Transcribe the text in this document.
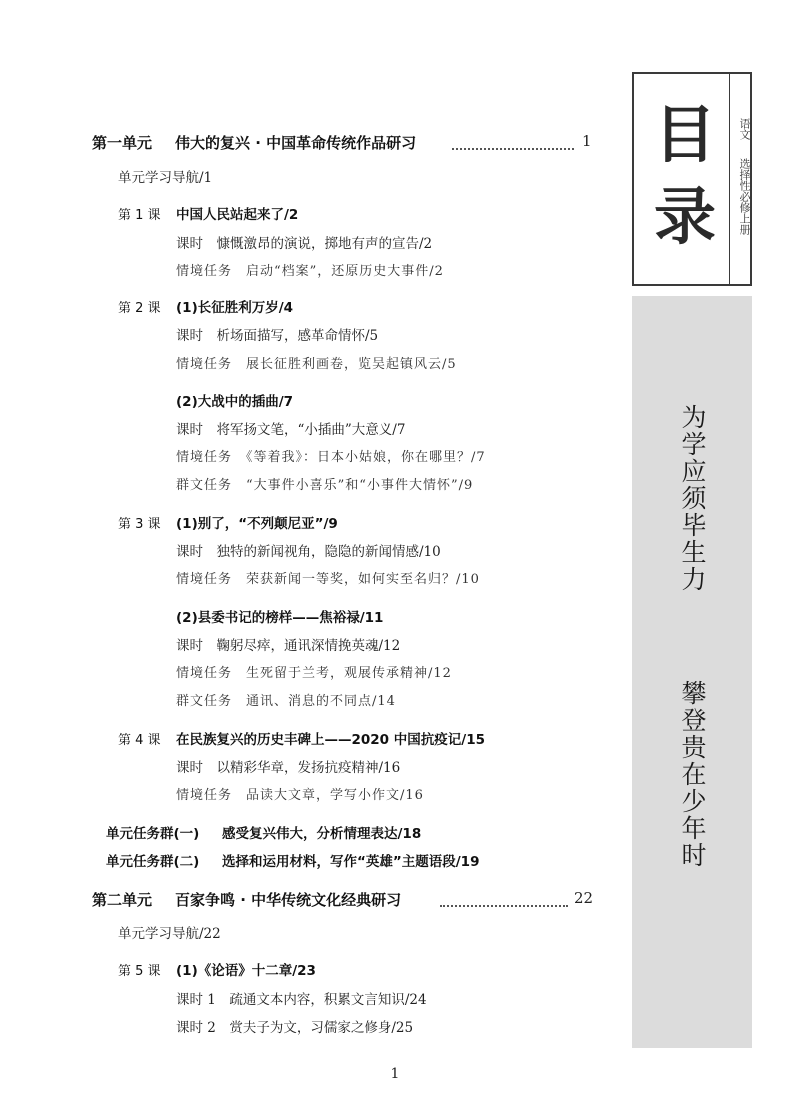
第一单元 伟大的复兴 · 中国革命传统作品研习	1
单元学习导航/1
第 1 课 中国人民站起来了/2
课时　慷慨激昂的演说，掷地有声的宣告/2
情境任务　启动“档案”，还原历史大事件/2
第 2 课 (1)长征胜利万岁/4
课时　析场面描写，感革命情怀/5
情境任务　展长征胜利画卷，览吴起镇风云/5
(2)大战中的插曲/7
课时　将军扬文笔，“小插曲”大意义/7
情境任务　《等着我》：日本小姑娘，你在哪里？/7
群文任务　“大事件小喜乐”和“小事件大情怀”/9
第 3 课 (1)别了，“不列颠尼亚”/9
课时　独特的新闻视角，隐隐的新闻情感/10
情境任务　荣获新闻一等奖，如何实至名归？/10
(2)县委书记的榜样——焦裕禄/11
课时　鞠躬尽瘁，通讯深情挽英魂/12
情境任务　生死留于兰考，观展传承精神/12
群文任务　通讯、消息的不同点/14
第 4 课 在民族复兴的历史丰碑上——2020 中国抗疫记/15
课时　以精彩华章，发扬抗疫精神/16
情境任务　品读大文章，学写小作文/16
单元任务群(一) 感受复兴伟大，分析情理表达/18
单元任务群(二) 选择和运用材料，写作“英雄”主题语段/19
第二单元 百家争鸣 · 中华传统文化经典研习	22
单元学习导航/22
第 5 课 (1)《论语》十二章/23
课时 1　疏通文本内容，积累文言知识/24
课时 2　赏夫子为文，习儒家之修身/25
目
录
语文
选择性必修上册
为学应须毕生力
攀登贵在少年时
1
